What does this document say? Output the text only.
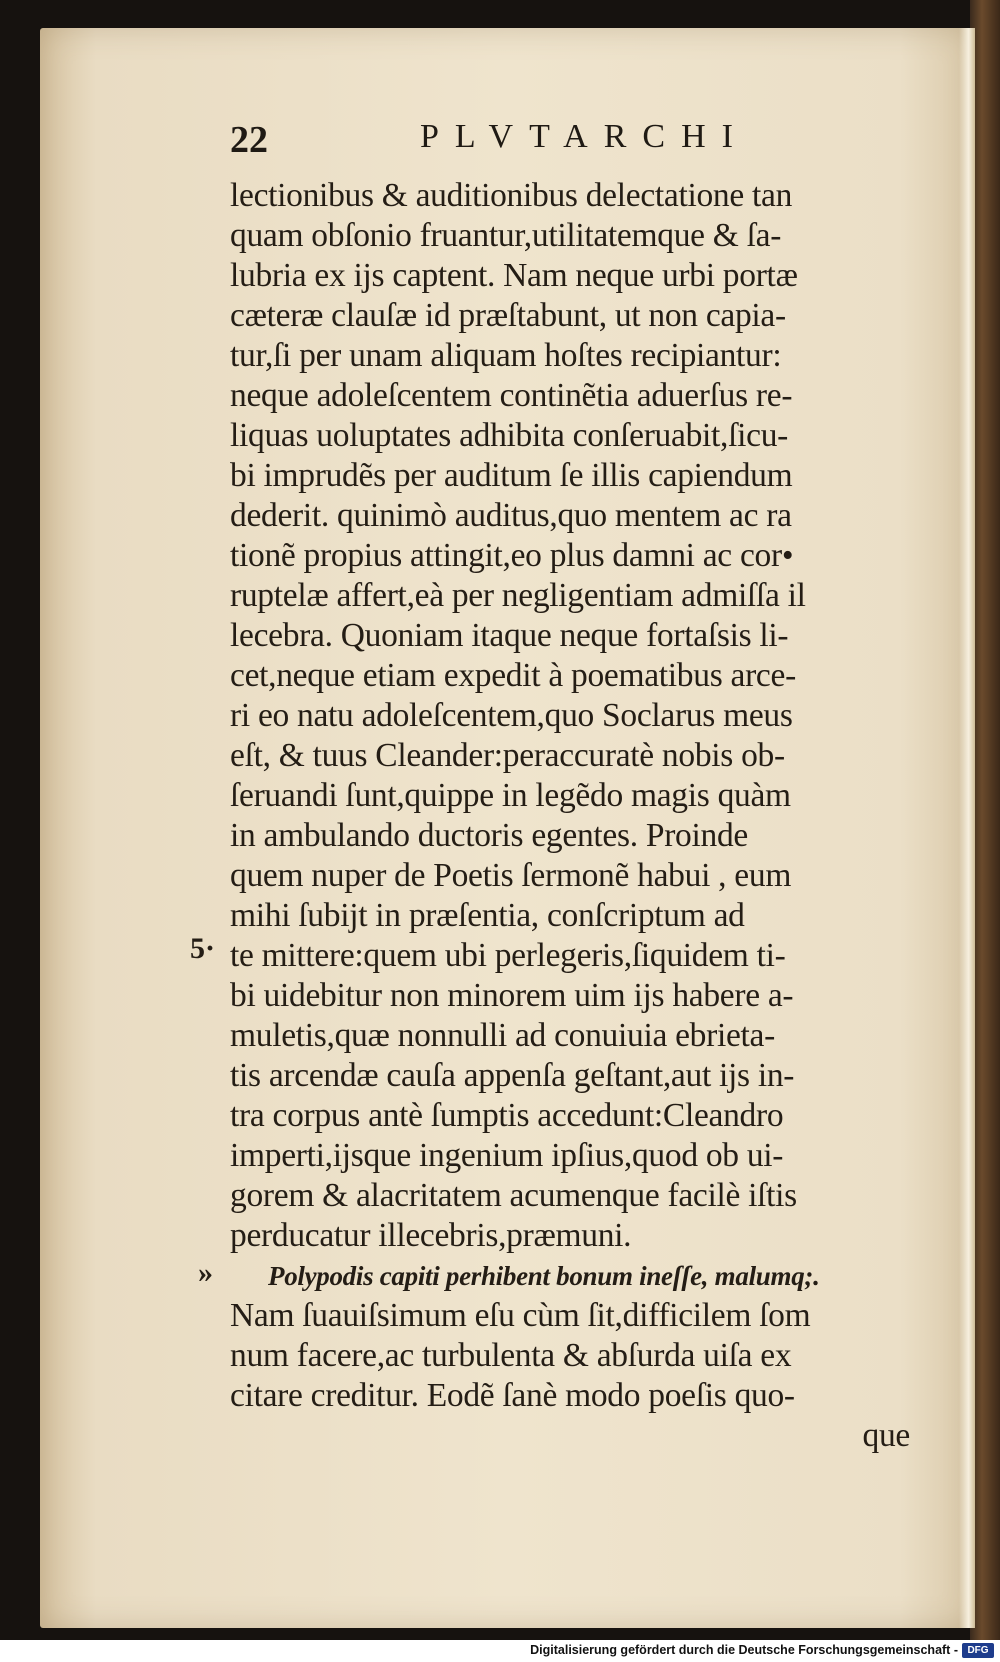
22	PLVTARCHI
lectionibus & auditionibus delectatione tan
quam obſonio fruantur,utilitatemque & ſa-
lubria ex ijs captent. Nam neque urbi portæ
cæteræ clauſæ id præſtabunt, ut non capia-
tur,ſi per unam aliquam hoſtes recipiantur:
neque adoleſcentem continẽtia aduerſus re-
liquas uoluptates adhibita conſeruabit,ſicu-
bi imprudẽs per auditum ſe illis capiendum
dederit. quinimò auditus,quo mentem ac ra
tionẽ propius attingit,eo plus damni ac cor•
ruptelæ affert,eà per negligentiam admiſſa il
lecebra. Quoniam itaque neque fortaſsis li-
cet,neque etiam expedit à poematibus arce-
ri eo natu adoleſcentem,quo Soclarus meus
eſt, & tuus Cleander:peraccuratè nobis ob-
ſeruandi ſunt,quippe in legẽdo magis quàm
in ambulando ductoris egentes. Proinde
quem nuper de Poetis ſermonẽ habui , eum
mihi ſubijt in præſentia, conſcriptum ad
te mittere:quem ubi perlegeris,ſiquidem ti-
bi uidebitur non minorem uim ijs habere a-
muletis,quæ nonnulli ad conuiuia ebrieta-
tis arcendæ cauſa appenſa geſtant,aut ijs in-
tra corpus antè ſumptis accedunt:Cleandro
imperti,ijsque ingenium ipſius,quod ob ui-
gorem & alacritatem acumenque facilè iſtis
perducatur illecebris,præmuni.
Polypodis capiti perhibent bonum ineſſe, malumq;.
Nam ſuauiſsimum eſu cùm ſit,difficilem ſom
num facere,ac turbulenta & abſurda uiſa ex
citare creditur. Eodẽ ſanè modo poeſis quo-
que
5·
»
Digitalisierung gefördert durch die Deutsche Forschungsgemeinschaft - DFG
